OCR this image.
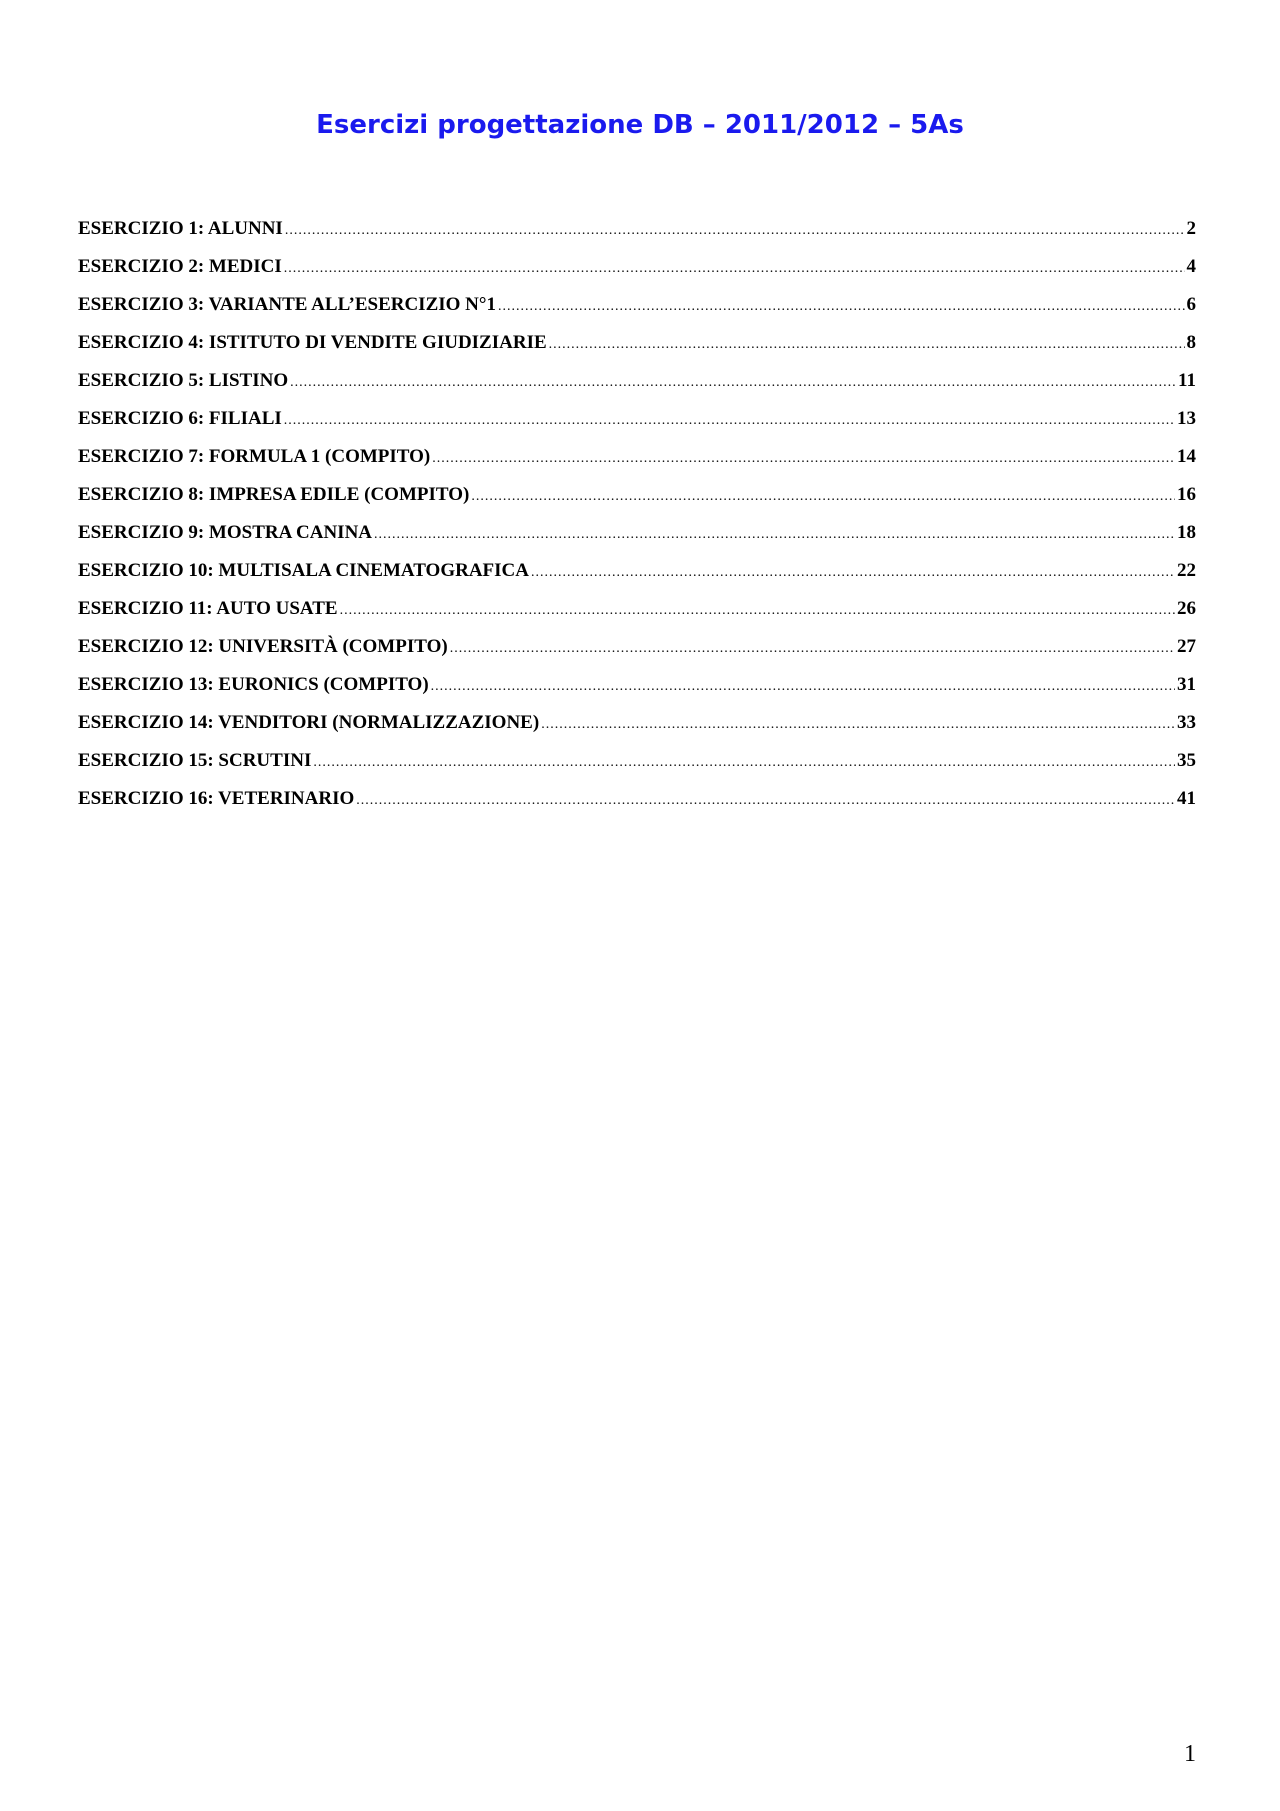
Esercizi progettazione DB – 2011/2012 – 5As
ESERCIZIO 1: ALUNNI .....	2
ESERCIZIO 2: MEDICI .....	4
ESERCIZIO 3: VARIANTE ALL’ESERCIZIO N°1 .....	6
ESERCIZIO 4: ISTITUTO DI VENDITE GIUDIZIARIE .....	8
ESERCIZIO 5: LISTINO .....	11
ESERCIZIO 6: FILIALI .....	13
ESERCIZIO 7: FORMULA 1 (COMPITO) .....	14
ESERCIZIO 8: IMPRESA EDILE (COMPITO) .....	16
ESERCIZIO 9: MOSTRA CANINA .....	18
ESERCIZIO 10: MULTISALA CINEMATOGRAFICA .....	22
ESERCIZIO 11: AUTO USATE .....	26
ESERCIZIO 12: UNIVERSITÀ (COMPITO) .....	27
ESERCIZIO 13: EURONICS (COMPITO) .....	31
ESERCIZIO 14: VENDITORI (NORMALIZZAZIONE) .....	33
ESERCIZIO 15: SCRUTINI .....	35
ESERCIZIO 16: VETERINARIO .....	41

1
